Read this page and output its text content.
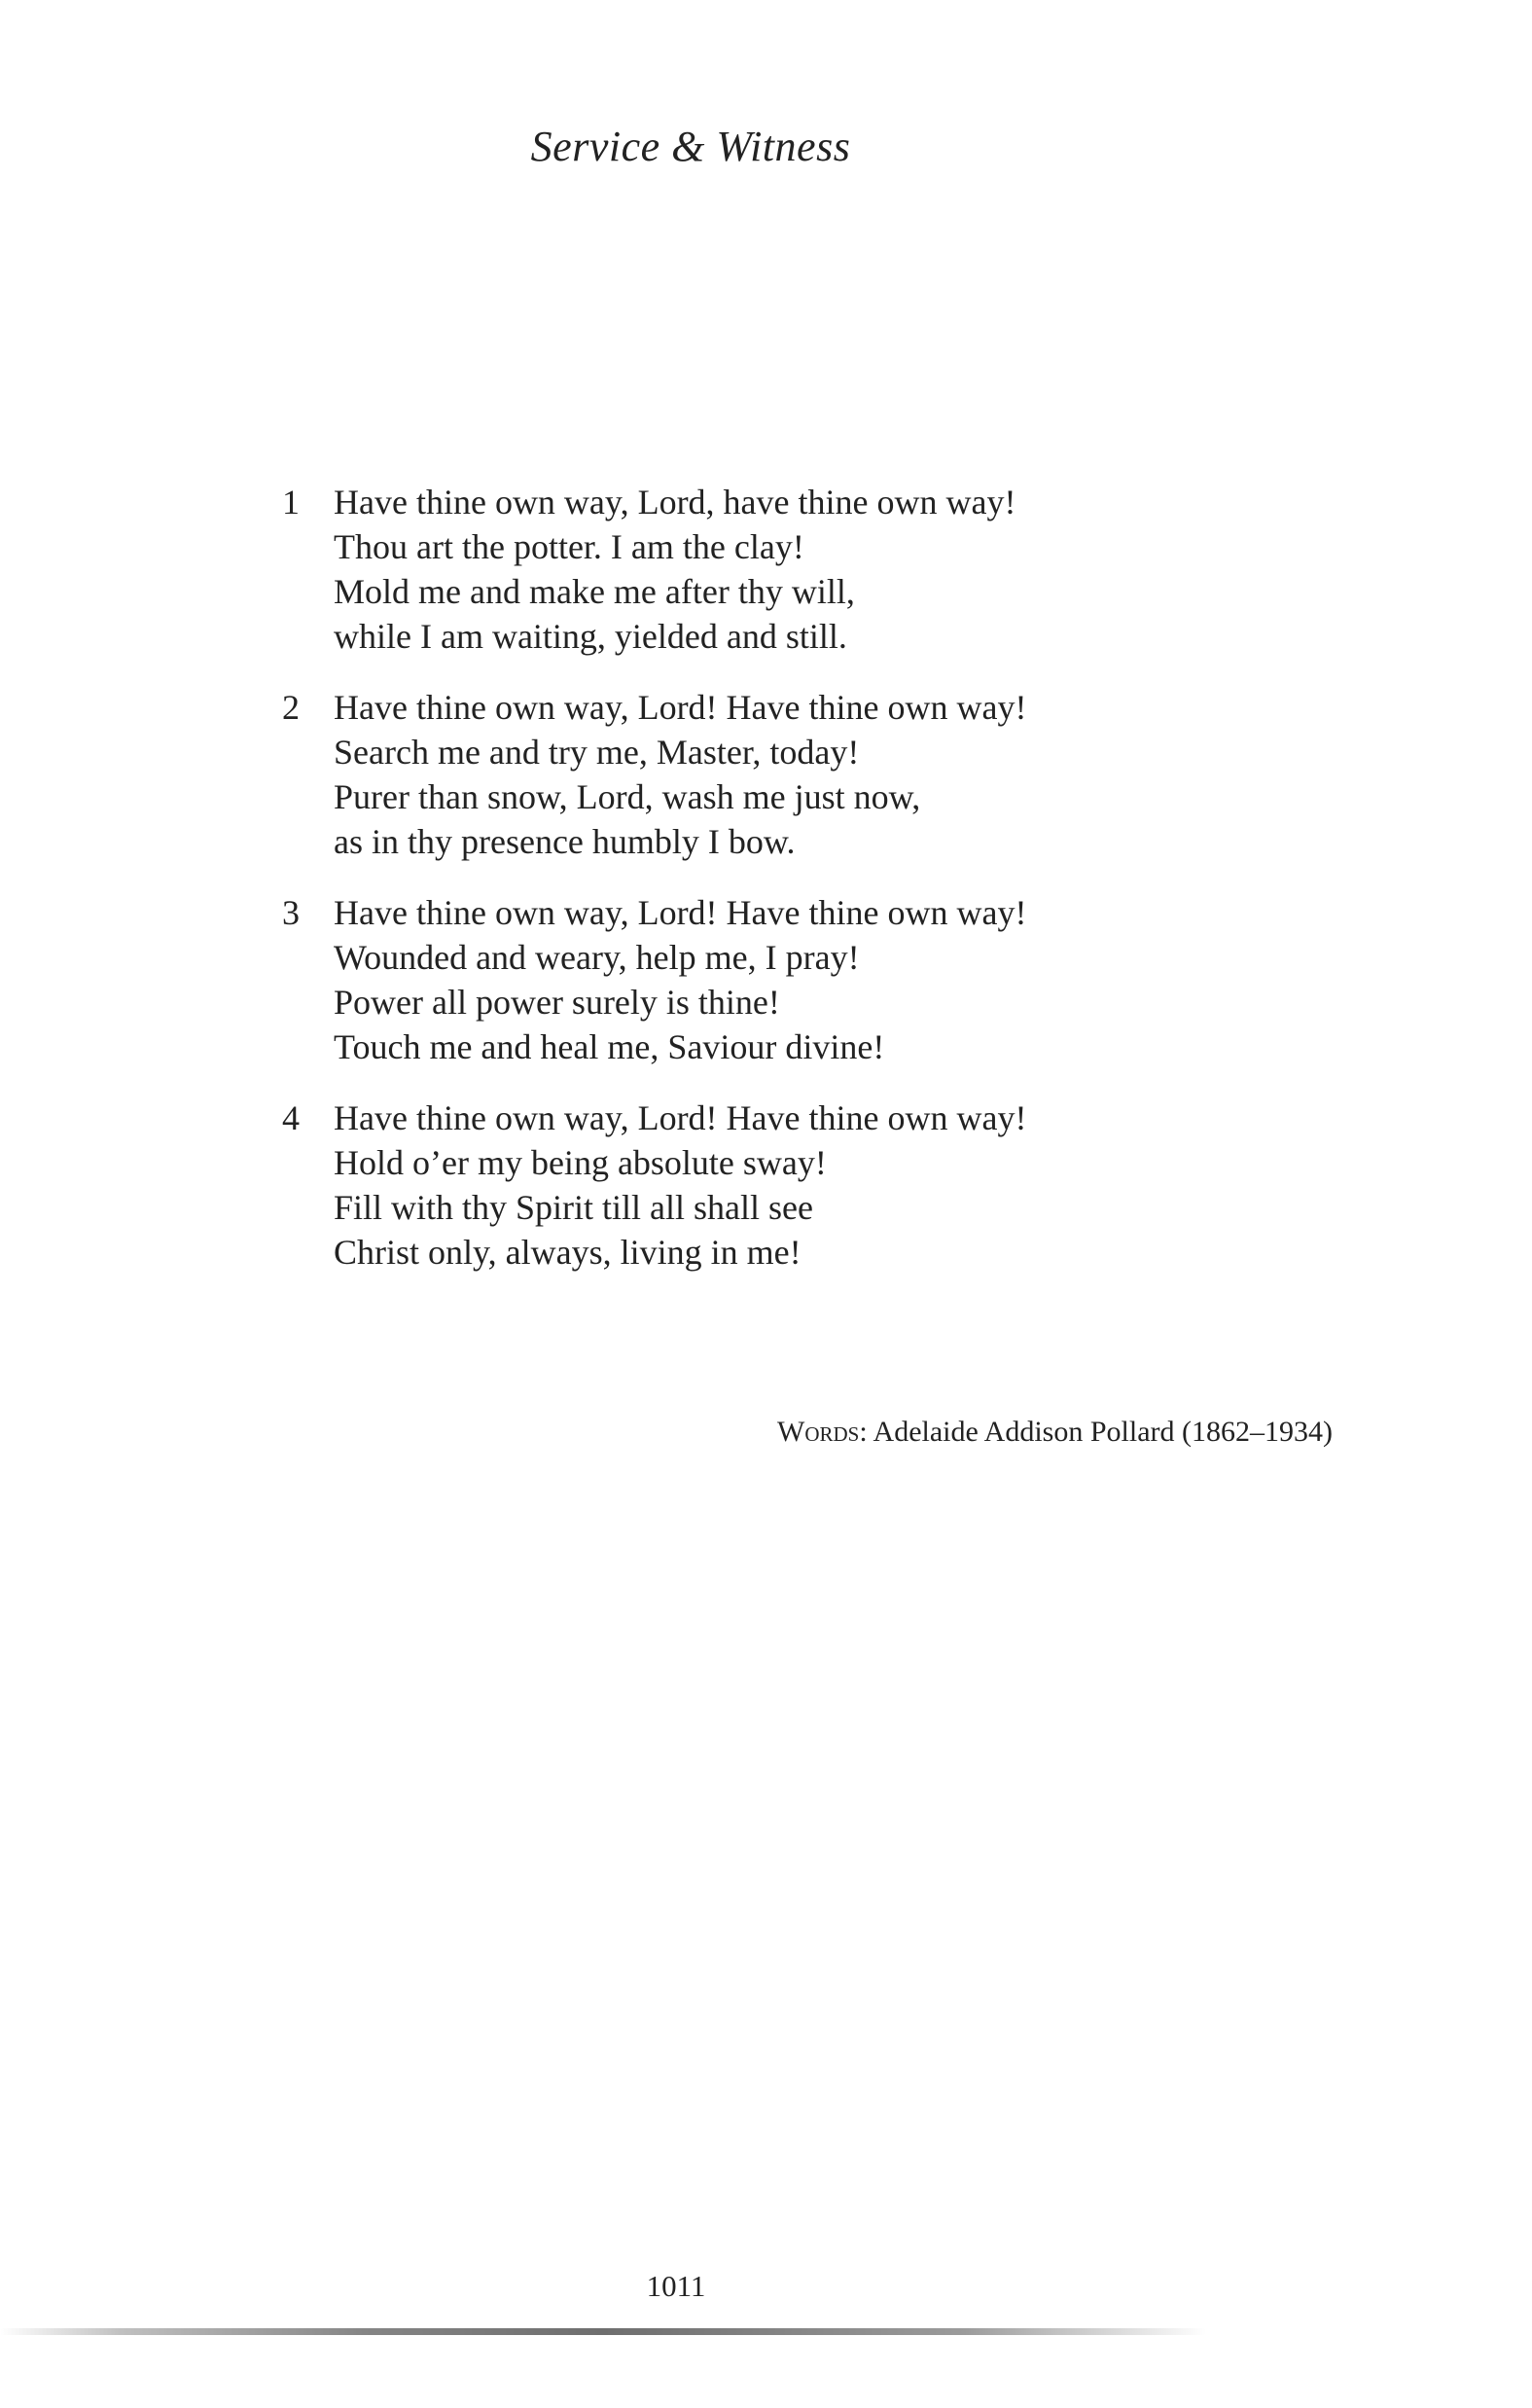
Service & Witness
1 Have thine own way, Lord, have thine own way!
Thou art the potter. I am the clay!
Mold me and make me after thy will,
while I am waiting, yielded and still.
2 Have thine own way, Lord! Have thine own way!
Search me and try me, Master, today!
Purer than snow, Lord, wash me just now,
as in thy presence humbly I bow.
3 Have thine own way, Lord! Have thine own way!
Wounded and weary, help me, I pray!
Power all power surely is thine!
Touch me and heal me, Saviour divine!
4 Have thine own way, Lord! Have thine own way!
Hold o’er my being absolute sway!
Fill with thy Spirit till all shall see
Christ only, always, living in me!
Words: Adelaide Addison Pollard (1862–1934)
1011
